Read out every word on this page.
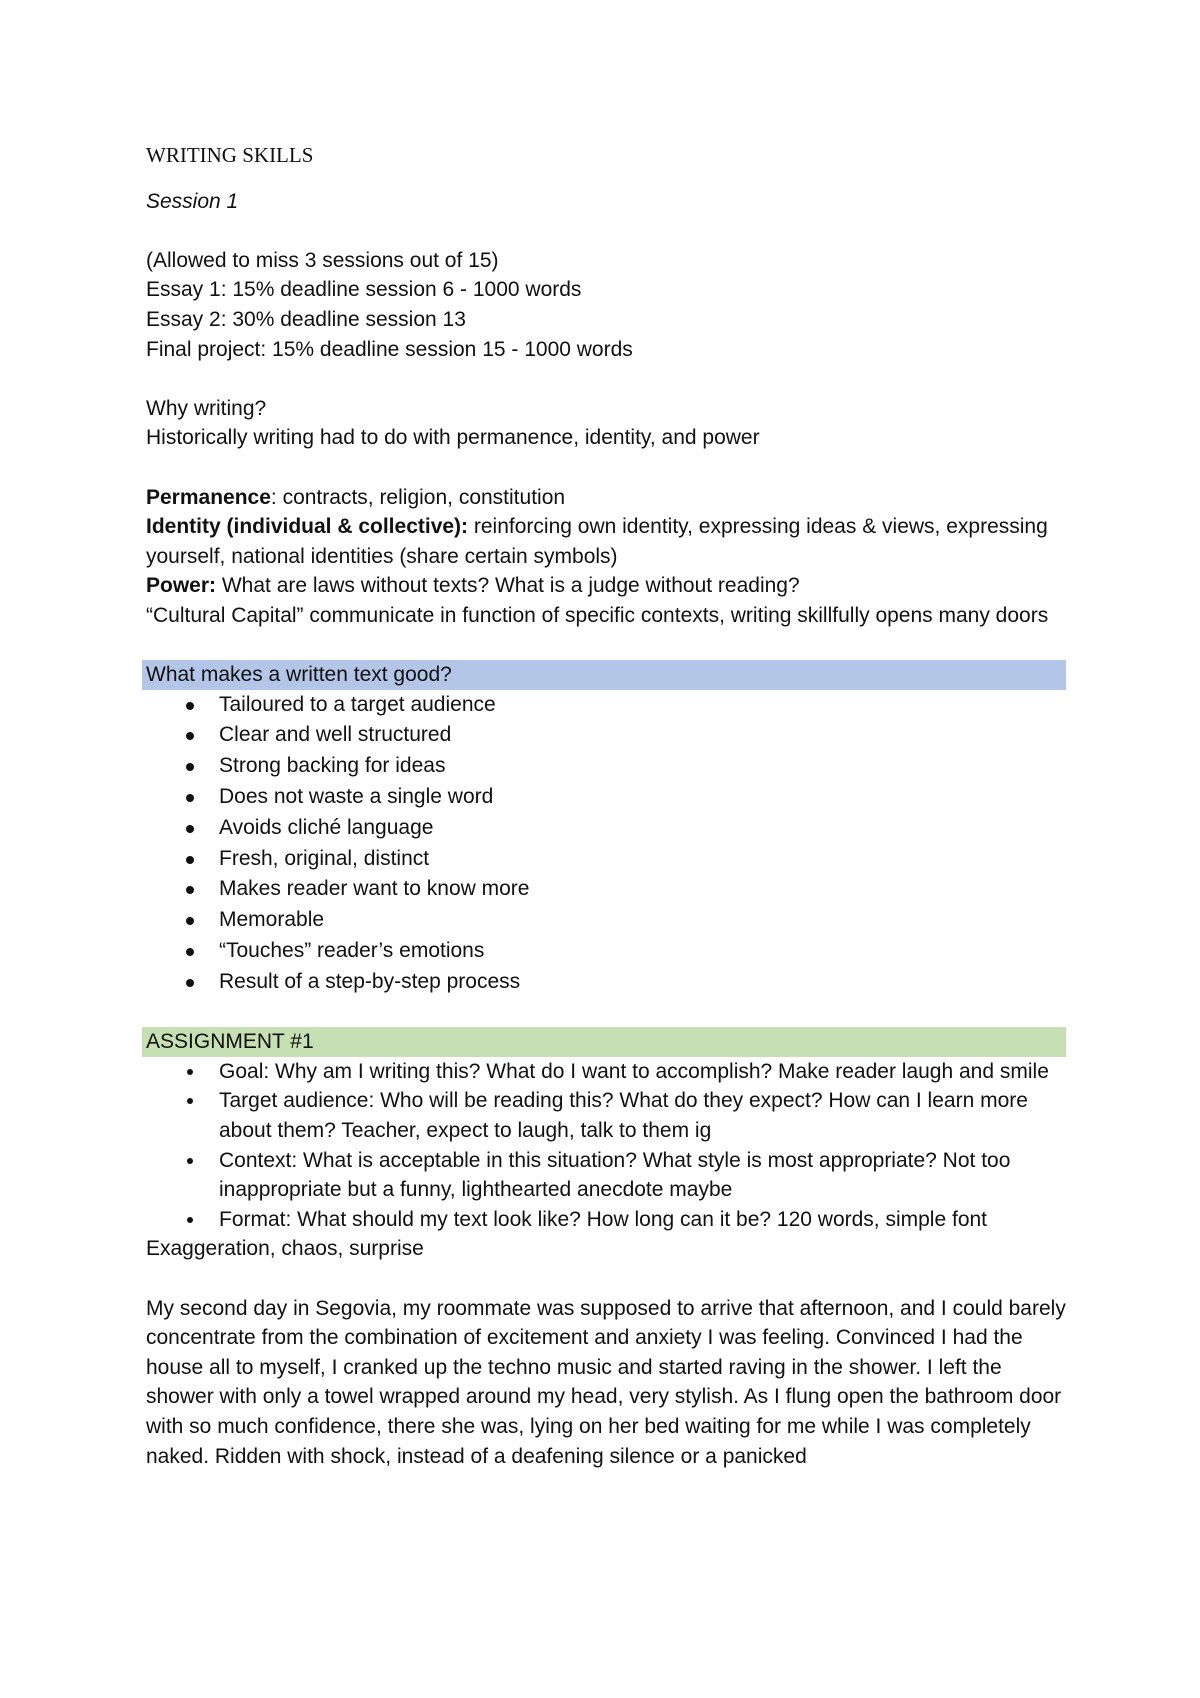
WRITING SKILLS

Session 1

(Allowed to miss 3 sessions out of 15)

Essay 1: 15% deadline session 6 - 1000 words

Essay 2: 30% deadline session 13

Final project: 15% deadline session 15 - 1000 words

Why writing?

Historically writing had to do with permanence, identity, and power

Permanence: contracts, religion, constitution

Identity (individual & collective): reinforcing own identity, expressing ideas & views, expressing yourself, national identities (share certain symbols)

Power: What are laws without texts? What is a judge without reading?

“Cultural Capital” communicate in function of specific contexts, writing skillfully opens many doors

What makes a written text good?
Tailoured to a target audience
Clear and well structured
Strong backing for ideas
Does not waste a single word
Avoids cliché language
Fresh, original, distinct
Makes reader want to know more
Memorable
“Touches” reader’s emotions
Result of a step-by-step process
ASSIGNMENT #1
Goal: Why am I writing this? What do I want to accomplish? Make reader laugh and smile
Target audience: Who will be reading this? What do they expect? How can I learn more about them? Teacher, expect to laugh, talk to them ig
Context: What is acceptable in this situation? What style is most appropriate? Not too inappropriate but a funny, lighthearted anecdote maybe
Format: What should my text look like? How long can it be? 120 words, simple font

Exaggeration, chaos, surprise

My second day in Segovia, my roommate was supposed to arrive that afternoon, and I could barely concentrate from the combination of excitement and anxiety I was feeling. Convinced I had the house all to myself, I cranked up the techno music and started raving in the shower. I left the shower with only a towel wrapped around my head, very stylish. As I flung open the bathroom door with so much confidence, there she was, lying on her bed waiting for me while I was completely naked. Ridden with shock, instead of a deafening silence or a panicked
